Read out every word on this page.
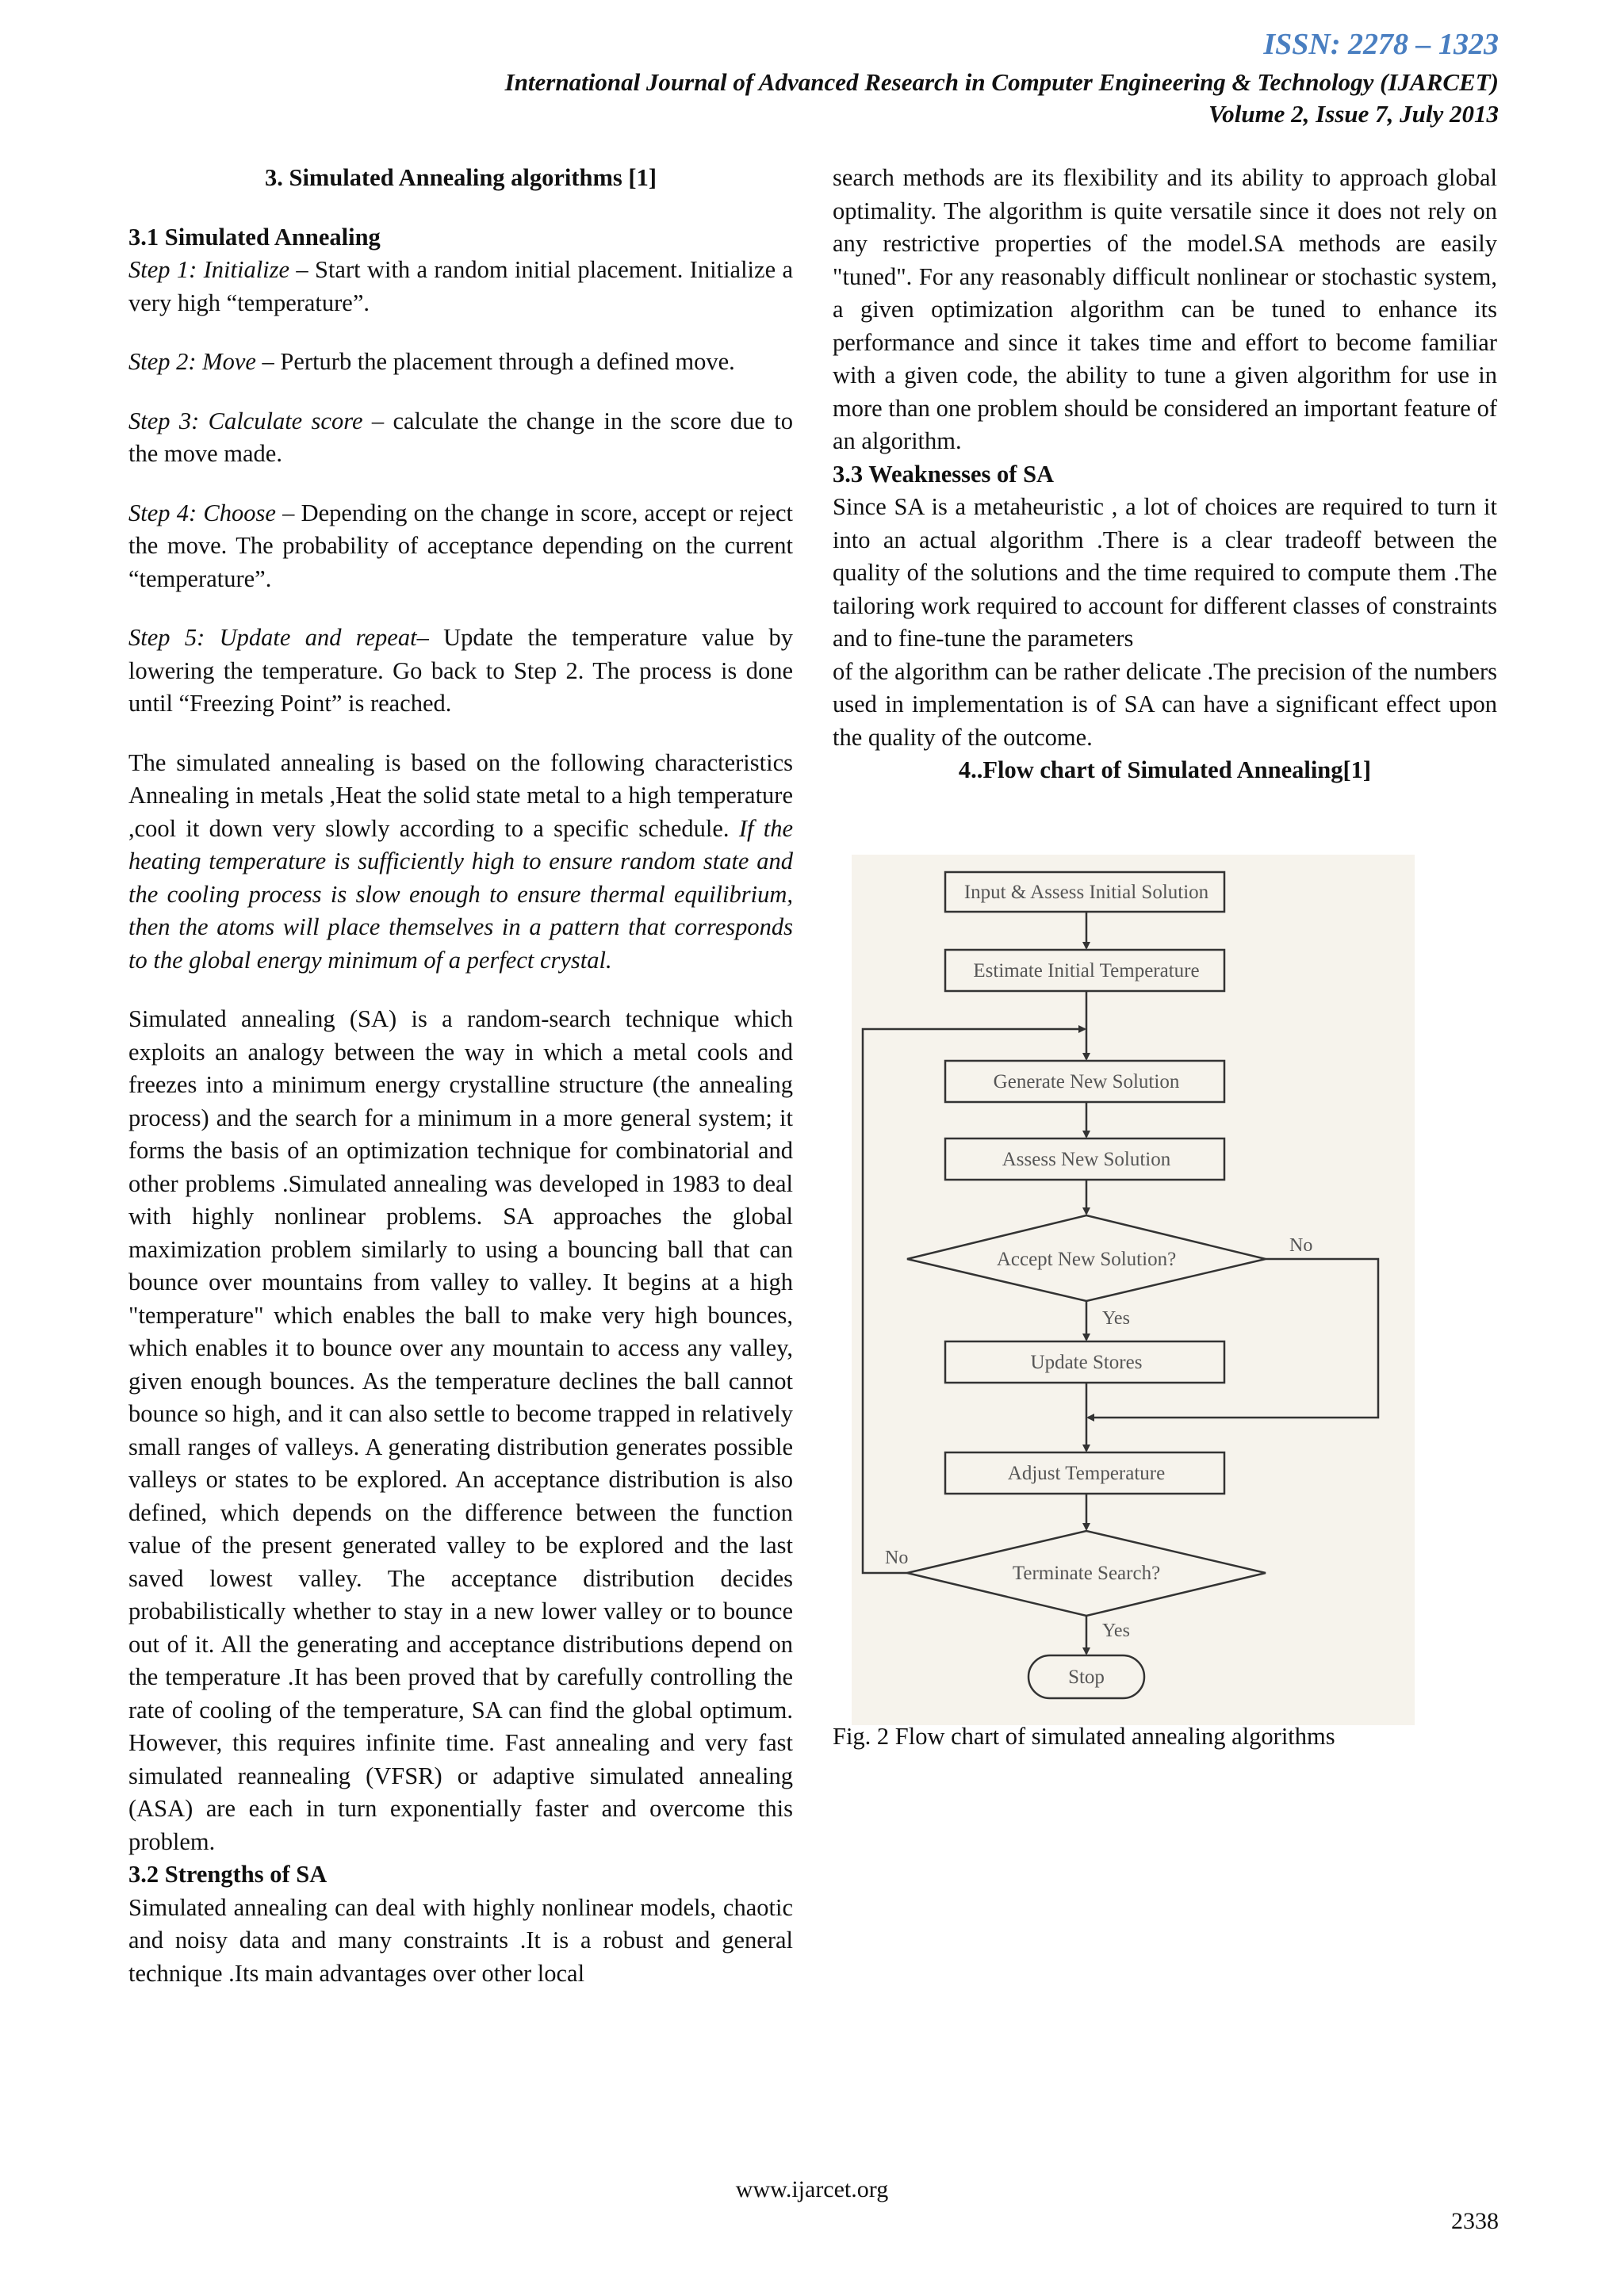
ISSN: 2278 – 1323
International Journal of Advanced Research in Computer Engineering & Technology (IJARCET)
Volume 2, Issue 7, July 2013

3. Simulated Annealing algorithms [1]

3.1 Simulated Annealing

Step 1: Initialize – Start with a random initial placement. Initialize a very high “temperature”.

Step 2: Move – Perturb the placement through a defined move.

Step 3: Calculate score – calculate the change in the score due to the move made.

Step 4: Choose – Depending on the change in score, accept or reject the move. The probability of acceptance depending on the current “temperature”.

Step 5: Update and repeat– Update the temperature value by lowering the temperature. Go back to Step 2. The process is done until “Freezing Point” is reached.

The simulated annealing is based on the following characteristics Annealing in metals ,Heat the solid state metal to a high temperature ,cool it down very slowly according to a specific schedule. If the heating temperature is sufficiently high to ensure random state and the cooling process is slow enough to ensure thermal equilibrium, then the atoms will place themselves in a pattern that corresponds to the global energy minimum of a perfect crystal.

Simulated annealing (SA) is a random-search technique which exploits an analogy between the way in which a metal cools and freezes into a minimum energy crystalline structure (the annealing process) and the search for a minimum in a more general system; it forms the basis of an optimization technique for combinatorial and other problems .Simulated annealing was developed in 1983 to deal with highly nonlinear problems. SA approaches the global maximization problem similarly to using a bouncing ball that can bounce over mountains from valley to valley. It begins at a high "temperature" which enables the ball to make very high bounces, which enables it to bounce over any mountain to access any valley, given enough bounces. As the temperature declines the ball cannot bounce so high, and it can also settle to become trapped in relatively small ranges of valleys. A generating distribution generates possible valleys or states to be explored. An acceptance distribution is also defined, which depends on the difference between the function value of the present generated valley to be explored and the last saved lowest valley. The acceptance distribution decides probabilistically whether to stay in a new lower valley or to bounce out of it. All the generating and acceptance distributions depend on the temperature .It has been proved that by carefully controlling the rate of cooling of the temperature, SA can find the global optimum. However, this requires infinite time. Fast annealing and very fast simulated reannealing (VFSR) or adaptive simulated annealing (ASA) are each in turn exponentially faster and overcome this problem.

3.2 Strengths of SA

Simulated annealing can deal with highly nonlinear models, chaotic and noisy data and many constraints .It is a robust and general technique .Its main advantages over other local

search methods are its flexibility and its ability to approach global optimality. The algorithm is quite versatile since it does not rely on any restrictive properties of the model.SA methods are easily "tuned". For any reasonably difficult nonlinear or stochastic system, a given optimization algorithm can be tuned to enhance its performance and since it takes time and effort to become familiar with a given code, the ability to tune a given algorithm for use in more than one problem should be considered an important feature of an algorithm.

3.3 Weaknesses of SA

Since SA is a metaheuristic , a lot of choices are required to turn it into an actual algorithm .There is a clear tradeoff between the quality of the solutions and the time required to compute them .The tailoring work required to account for different classes of constraints and to fine-tune the parameters

of the algorithm can be rather delicate .The precision of the numbers used in implementation is of SA can have a significant effect upon the quality of the outcome.

4..Flow chart of Simulated Annealing[1]

Input & Assess Initial Solution
Estimate Initial Temperature
Generate New Solution
Assess New Solution
Accept New Solution?
Update Stores
Adjust Temperature
Terminate Search?
Stop
Yes
Yes
No
No
Fig. 2 Flow chart of simulated annealing algorithms
www.ijarcet.org
2338
